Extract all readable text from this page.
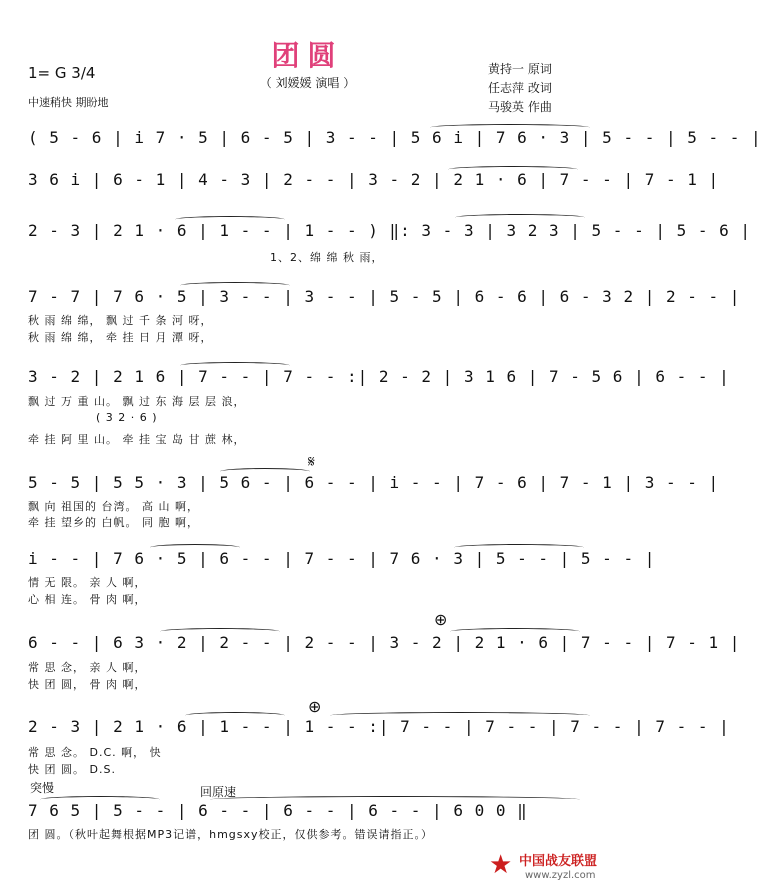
团圆
（ 刘媛媛 演唱 ）
1= G 3/4
中速稍快 期盼地
黄持一 原词
任志萍 改词
马骏英 作曲
( 5 - 6 | i 7 · 5 | 6 - 5 | 3 - - | 5 6 i | 7 6 · 3 | 5 - - | 5 - - |
3 6 i | 6 - 1 | 4 - 3 | 2 - - | 3 - 2 | 2 1 · 6 | 7 - - | 7 - 1 |
2 - 3 | 2 1 · 6 | 1 - - | 1 - - ) ‖: 3 - 3 | 3 2 3 | 5 - - | 5 - 6 |
1、2、绵 绵 秋 雨，
7 - 7 | 7 6 · 5 | 3 - - | 3 - - | 5 - 5 | 6 - 6 | 6 - 3 2 | 2 - - |
秋 雨 绵 绵， 飘 过 千 条 河 呀，
秋 雨 绵 绵， 牵 挂 日 月 潭 呀，
3 - 2 | 2 1 6 | 7 - - | 7 - - :| 2 - 2 | 3 1 6 | 7 - 5 6 | 6 - - |
飘 过 万 重 山。 飘 过 东 海 层 层 浪，
( 3 2 · 6 )
牵 挂 阿 里 山。 牵 挂 宝 岛 甘 蔗 林，
𝄋
5 - 5 | 5 5 · 3 | 5 6 - | 6 - - | i - - | 7 - 6 | 7 - 1 | 3 - - |
飘 向 祖国的 台湾。 高 山 啊，
牵 挂 望乡的 白帆。 同 胞 啊，
i - - | 7 6 · 5 | 6 - - | 7 - - | 7 6 · 3 | 5 - - | 5 - - |
情 无 限。 亲 人 啊，
心 相 连。 骨 肉 啊，
⊕
6 - - | 6 3 · 2 | 2 - - | 2 - - | 3 - 2 | 2 1 · 6 | 7 - - | 7 - 1 |
常 思 念， 亲 人 啊，
快 团 圆， 骨 肉 啊，
⊕
2 - 3 | 2 1 · 6 | 1 - - | 1 - - :| 7 - - | 7 - - | 7 - - | 7 - - |
常 思 念。 D.C. 啊， 快
快 团 圆。 D.S.
突慢	回原速
7 6 5 | 5 - - | 6 - - | 6 - - | 6 - - | 6 0 0 ‖
团 圆。（秋叶起舞根据MP3记谱，hmgsxy校正，仅供参考。错误请指正。）
★ 中国战友联盟
www.zyzl.com
